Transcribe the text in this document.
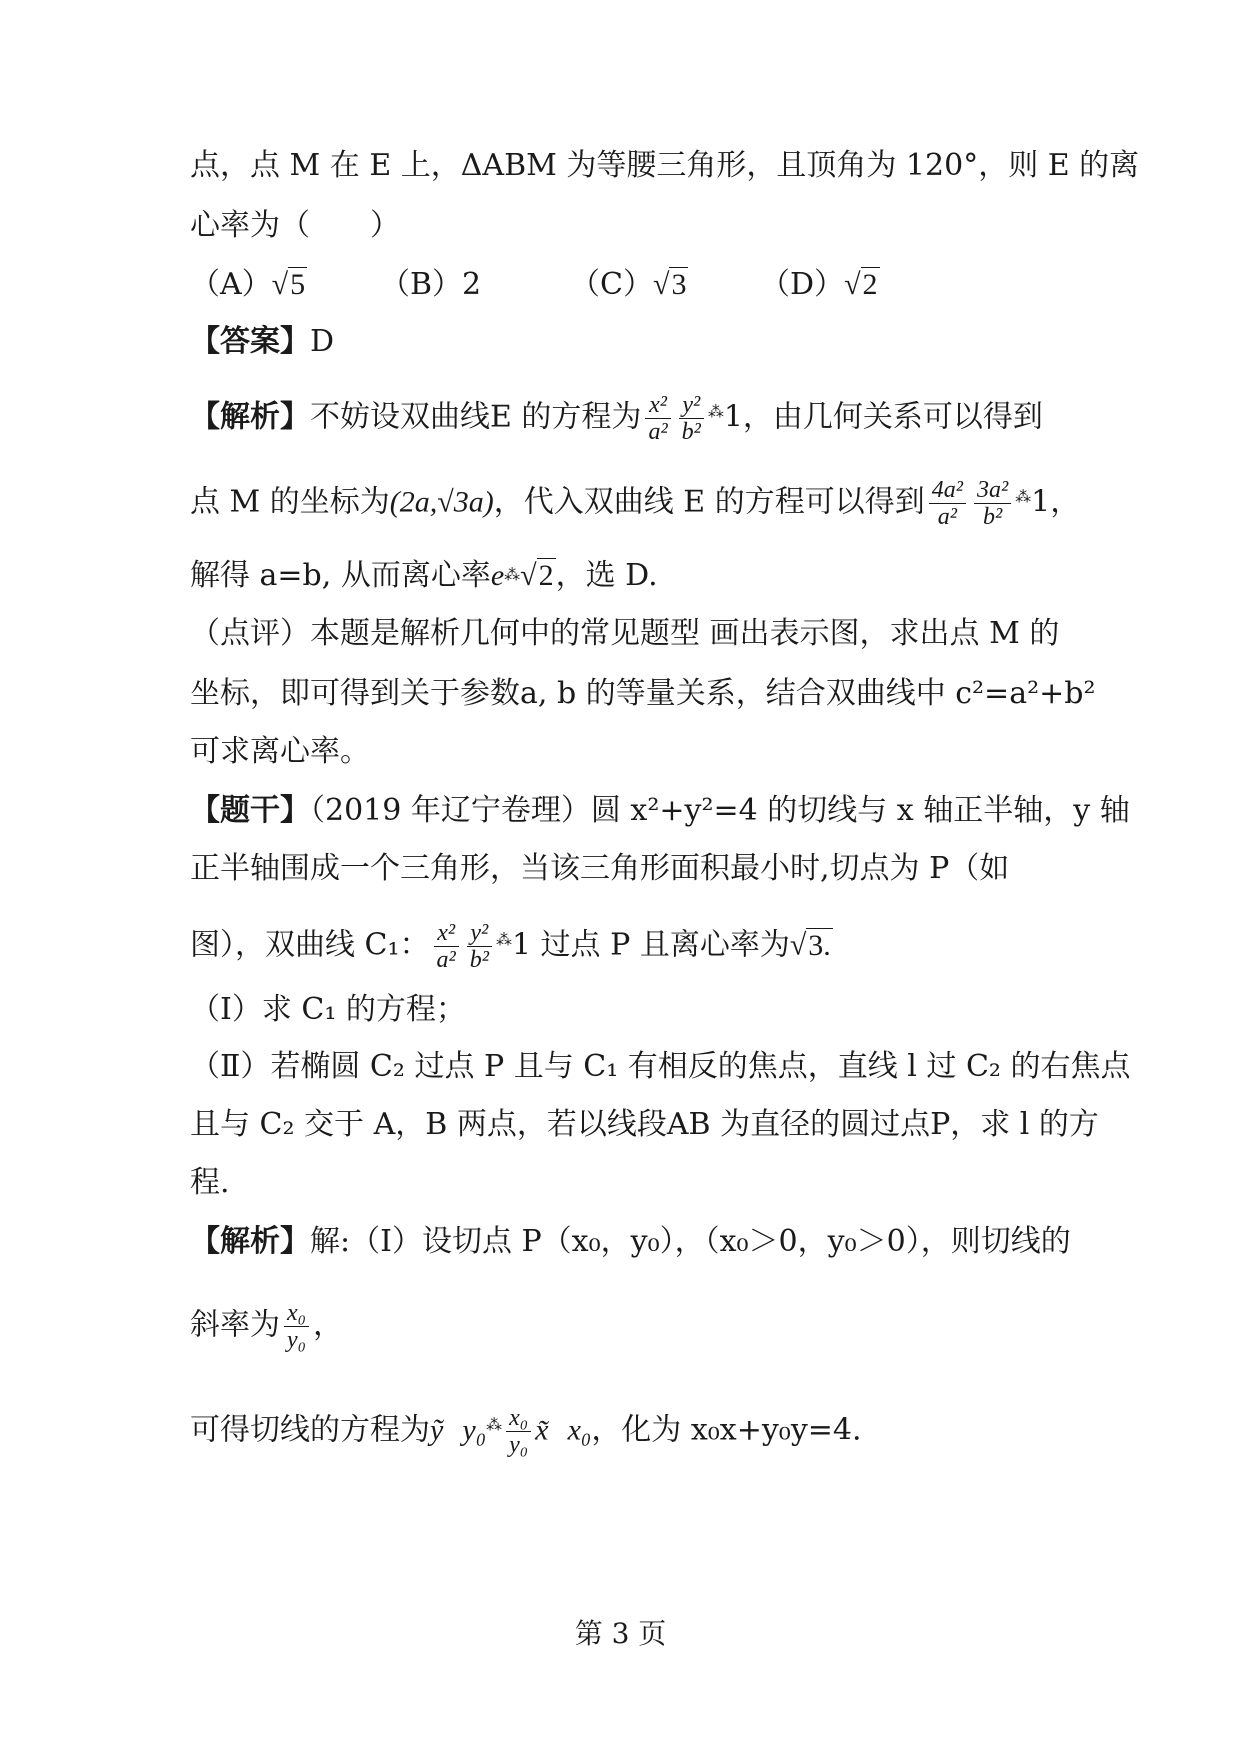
点，点 M 在 E 上，ΔABM 为等腰三角形，且顶角为 120°，则 E 的离
心率为（　　）
（A）√5 （B）2	（C）√3 （D）√2
【答案】D
【解析】不妨设双曲线E 的方程为 $\frac{\text{x²}}{\text{a²}} \frac{\text{y²}}{\text{b²}} ^⁂1$，由几何关系可以得到
点 M 的坐标为(2a,√3a)，代入双曲线 E 的方程可以得到 $\frac{\text{4a²}}{\text{a²}} \frac{\text{3a²}}{\text{b²}} ^⁂1$，
解得 a=b, 从而离心率e⁂√2，选 D.
（点评）本题是解析几何中的常见题型 画出表示图，求出点 M 的
坐标，即可得到关于参数a, b 的等量关系，结合双曲线中 c²=a²+b²
可求离心率。
【题干】（2019 年辽宁卷理）圆 x²+y²=4 的切线与 x 轴正半轴，y 轴
正半轴围成一个三角形，当该三角形面积最小时,切点为 P（如
图），双曲线 C₁： $\frac{\text{x²}}{\text{a²}} \frac{\text{y²}}{\text{b²}} ^⁂1$ 过点 P 且离心率为√3.
（Ⅰ）求 C₁ 的方程；
（Ⅱ）若椭圆 C₂ 过点 P 且与 C₁ 有相反的焦点，直线 l 过 C₂ 的右焦点
且与 C₂ 交于 A，B 两点，若以线段AB 为直径的圆过点P，求 l 的方
程.
【解析】解:（Ⅰ）设切点 P（x₀，y₀），（x₀＞0，y₀＞0），则切线的
斜率为 $\frac{\text{x₀}}{\text{y₀}}$ ，
可得切线的方程为ỹ $y_0^⁂ \frac{\text{x₀}}{\text{y₀}}$ x̃ x₀，化为 x₀x+y₀y=4.
第 3 页
